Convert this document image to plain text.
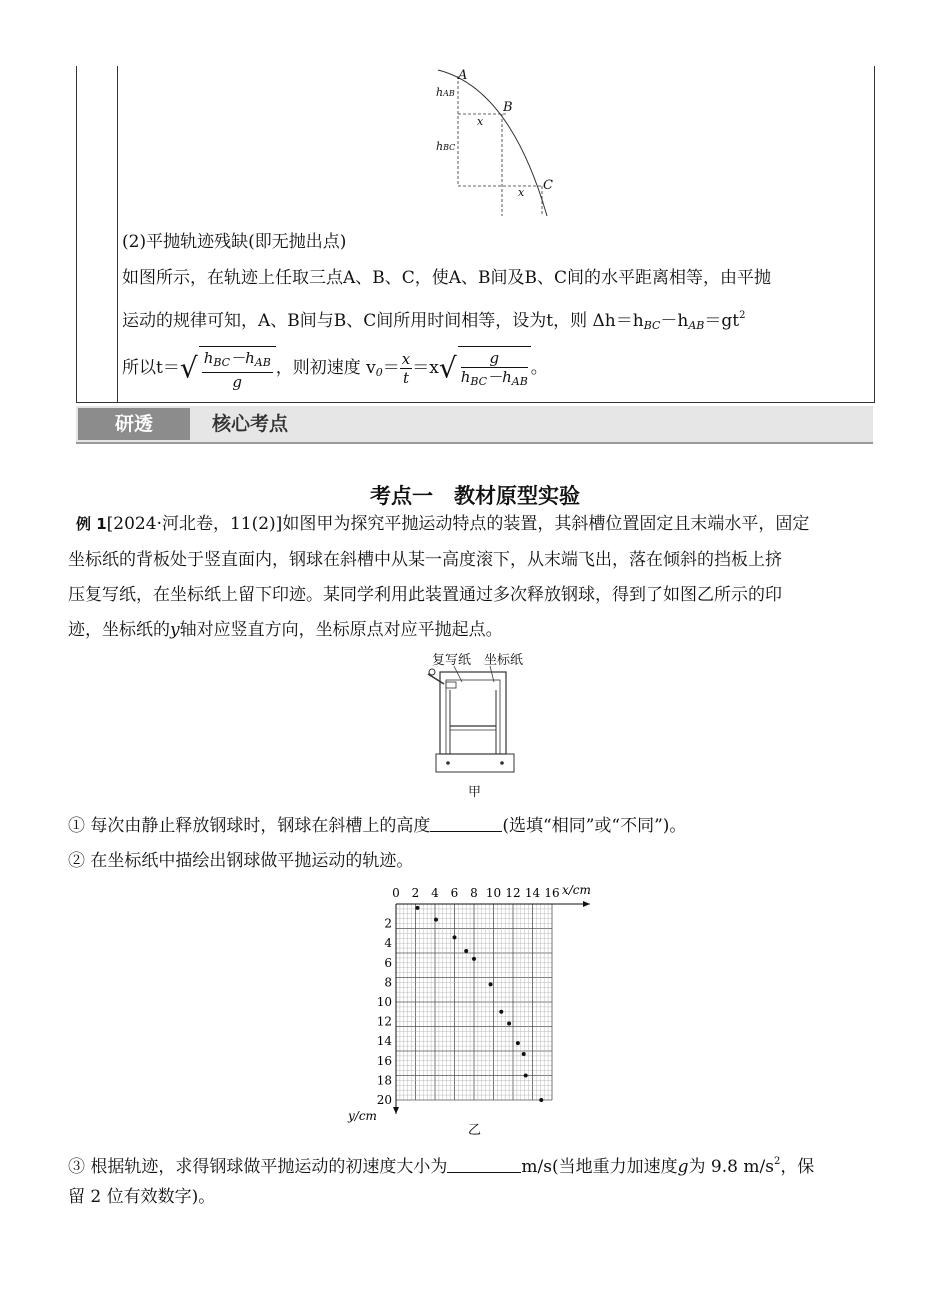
A
B
C
hAB
hBC
x
x
(2)平抛轨迹残缺(即无抛出点)
如图所示，在轨迹上任取三点A、B、C，使A、B间及B、C间的水平距离相等，由平抛
运动的规律可知，A、B间与B、C间所用时间相等，设为t，则 $\Delta h=h_{BC}-h_{AB}=gt^2$
所以$t=√ \frac{h_{BC}-h_{AB}}{g}$ ，则初速度 $v_0= \frac{x}{t} =x√ \frac{g}{h_{BC}-h_{AB}}$ 。
研透	核心考点
考点一　教材原型实验
例 1[2024·河北卷，11(2)]如图甲为探究平抛运动特点的装置，其斜槽位置固定且末端水平，固定
坐标纸的背板处于竖直面内，钢球在斜槽中从某一高度滚下，从末端飞出，落在倾斜的挡板上挤
压复写纸，在坐标纸上留下印迹。某同学利用此装置通过多次释放钢球，得到了如图乙所示的印
迹，坐标纸的y轴对应竖直方向，坐标原点对应平抛起点。
复写纸 坐标纸
甲
① 每次由静止释放钢球时，钢球在斜槽上的高度	(选填“相同”或“不同”)。
② 在坐标纸中描绘出钢球做平抛运动的轨迹。
0 2 4 6 8 10 12 14 16
2
4
6
8
10
12
14
16
18
20
x/cm
y/cm
乙
③ 根据轨迹，求得钢球做平抛运动的初速度大小为	m/s(当地重力加速度g为 9.8 $m/s^2$，保
留 2 位有效数字)。
